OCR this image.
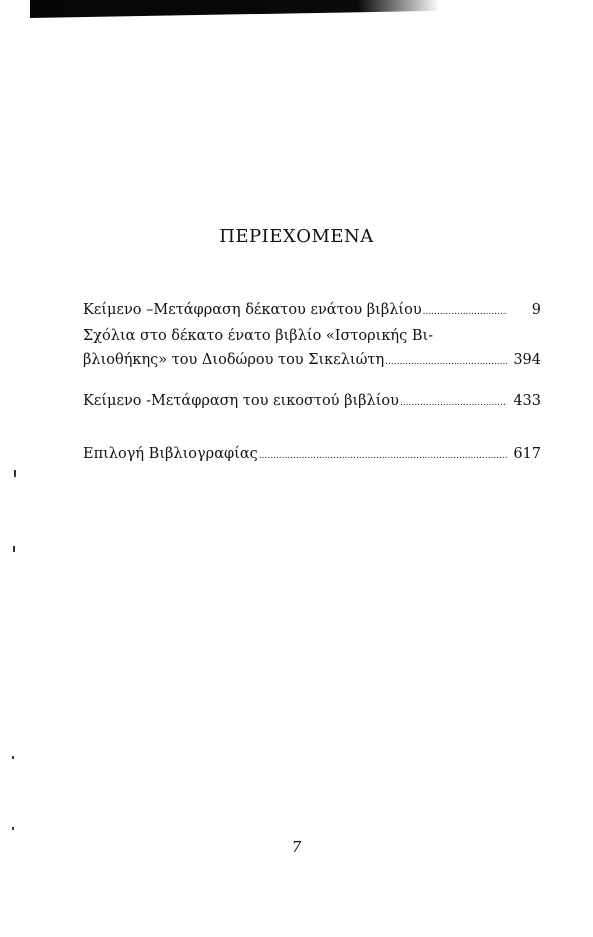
ΠΕΡΙΕΧΟΜΕΝΑ
Κείμενο –Μετάφραση δέκατου ενάτου βιβλίου .....	9
Σχόλια στο δέκατο ένατο βιβλίο «Ιστορικής Βι-
βλιοθήκης» του Διοδώρου του Σικελιώτη .....	394
Κείμενο -Μετάφραση του εικοστού βιβλίου .....	433
Επιλογή Βιβλιογραφίας .....	617
7
